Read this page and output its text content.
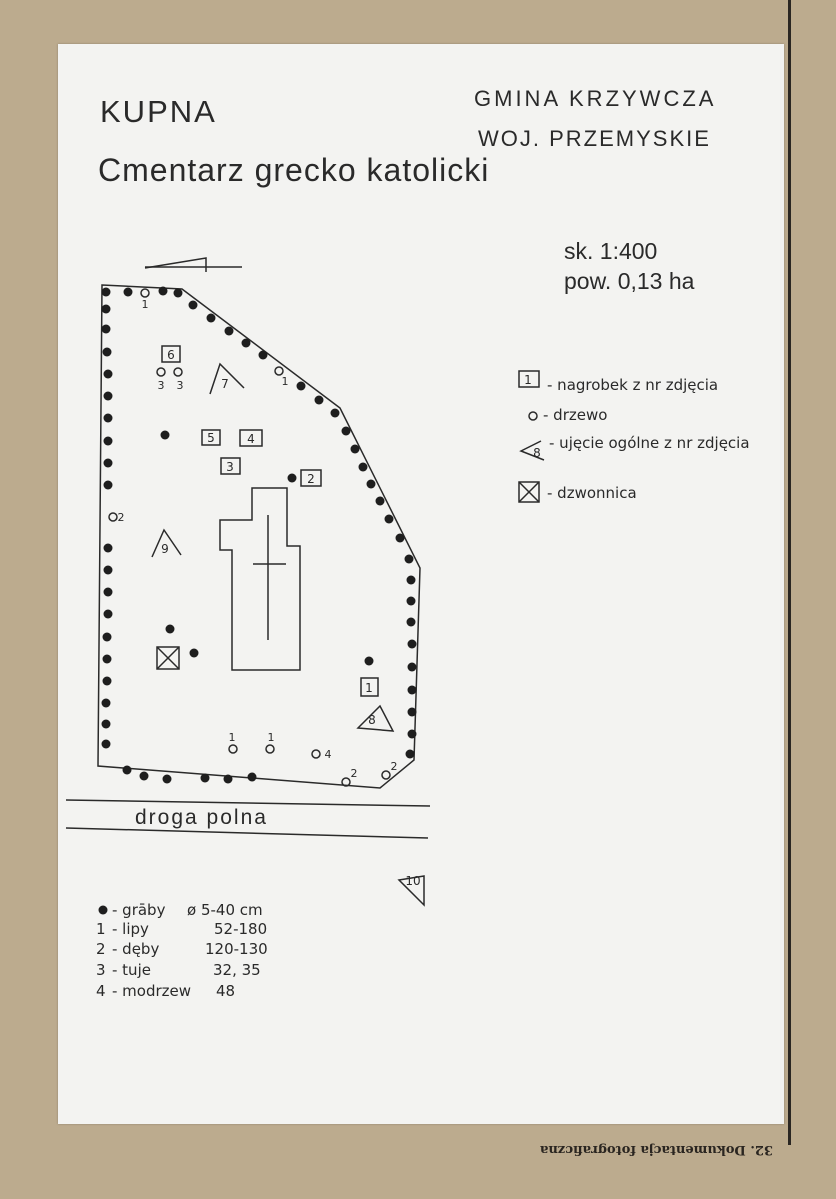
KUPNA	GMINA KRZYWCZA
WOJ. PRZEMYSKIE
Cmentarz grecko katolicki
sk. 1:400
pow. 0,13 ha
6
5	4
3
2
1
1
7
8
9
10
8
1
1
1	1
2
2
2
3 3
4
droga polna
- nagrobek z nr zdjęcia
- drzewo
- ujęcie ogólne z nr zdjęcia
- dzwonnica
- grāby ø 5-40 cm
1 - lipy	52-180
2 - dęby	120-130
3 - tuje	32, 35
4 - modrzew 48
32. Dokumentacja fotograficzna
